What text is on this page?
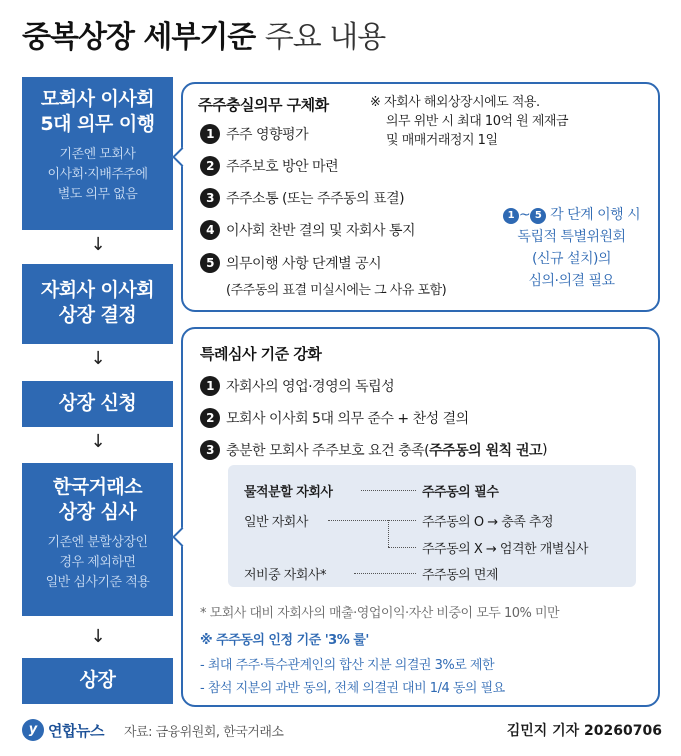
중복상장 세부기준 주요 내용
모회사 이사회
5대 의무 이행
기존엔 모회사
이사회·지배주주에
별도 의무 없음
↓
자회사 이사회
상장 결정
↓
상장 신청
↓
한국거래소
상장 심사
기존엔 분할상장인
경우 제외하면
일반 심사기준 적용
↓
상장
주주충실의무 구체화	※ 자회사 해외상장시에도 적용.
의무 위반 시 최대 10억 원 제재금
및 매매거래정지 1일
1 주주 영향평가
2 주주보호 방안 마련
3 주주소통 (또는 주주동의 표결)
4 이사회 찬반 결의 및 자회사 통지
5 의무이행 사항 단계별 공시
(주주동의 표결 미실시에는 그 사유 포함)
1 ~ 5 각 단계 이행 시
독립적 특별위원회
(신규 설치)의
심의·의결 필요
특례심사 기준 강화
1 자회사의 영업·경영의 독립성
2 모회사 이사회 5대 의무 준수 + 찬성 결의
3 충분한 모회사 주주보호 요건 충족( 주주동의 원칙 권고 )
물적분할 자회사	주주동의 필수
일반 자회사	주주동의 O → 충족 추정
주주동의 X → 엄격한 개별심사
저비중 자회사*	주주동의 면제
* 모회사 대비 자회사의 매출·영업이익·자산 비중이 모두 10% 미만
※ 주주동의 인정 기준 '3% 룰'
- 최대 주주·특수관계인의 합산 지분 의결권 3%로 제한
- 참석 지분의 과반 동의, 전체 의결권 대비 1/4 동의 필요
y 연합뉴스 자료: 금융위원회, 한국거래소	김민지 기자 20260706
